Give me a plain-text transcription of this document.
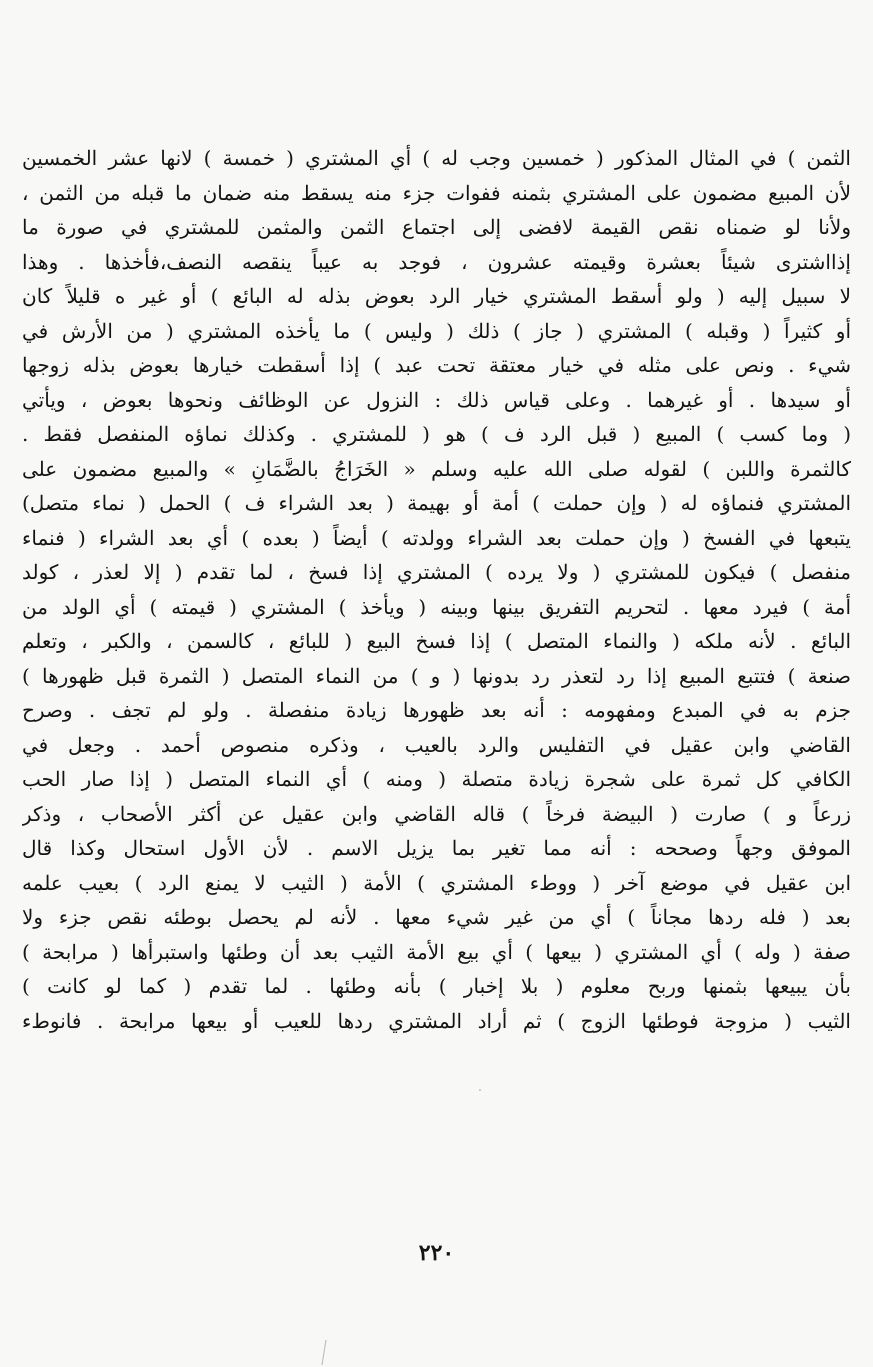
الثمن ) في المثال المذكور ( خمسين وجب له ) أي المشتري ( خمسة ) لانها عشر الخمسين
لأن المبيع مضمون على المشتري بثمنه ففوات جزء منه يسقط منه ضمان ما قبله من الثمن ،
ولأنا لو ضمناه نقص القيمة لافضى إلى اجتماع الثمن والمثمن للمشتري في صورة ما
إذااشترى شيئاً بعشرة وقيمته عشرون ، فوجد به عيباً ينقصه النصف،فأخذها . وهذا
لا سبيل إليه ( ولو أسقط المشتري خيار الرد بعوض بذله له البائع ) أو غير ه قليلاً كان
أو كثيراً ( وقبله ) المشتري ( جاز ) ذلك ( وليس ) ما يأخذه المشتري ( من الأرش في
شيء . ونص على مثله في خيار معتقة تحت عبد ) إذا أسقطت خيارها بعوض بذله زوجها
أو سيدها . أو غيرهما . وعلى قياس ذلك : النزول عن الوظائف ونحوها بعوض ، ويأتي
( وما كسب ) المبيع ( قبل الرد ف ) هو ( للمشتري . وكذلك نماؤه المنفصل فقط .
كالثمرة واللبن ) لقوله صلى الله عليه وسلم « الخَرَاجُ بالضَّمَانِ » والمبيع مضمون على
المشتري فنماؤه له ( وإن حملت ) أمة أو بهيمة ( بعد الشراء ف ) الحمل ( نماء متصل)
يتبعها في الفسخ ( وإن حملت بعد الشراء وولدته ) أيضاً ( بعده ) أي بعد الشراء ( فنماء
منفصل ) فيكون للمشتري ( ولا يرده ) المشتري إذا فسخ ، لما تقدم ( إلا لعذر ، كولد
أمة ) فيرد معها . لتحريم التفريق بينها وبينه ( ويأخذ ) المشتري ( قيمته ) أي الولد من
البائع . لأنه ملكه ( والنماء المتصل ) إذا فسخ البيع ( للبائع ، كالسمن ، والكبر ، وتعلم
صنعة ) فتتبع المبيع إذا رد لتعذر رد بدونها ( و ) من النماء المتصل ( الثمرة قبل ظهورها )
جزم به في المبدع ومفهومه : أنه بعد ظهورها زيادة منفصلة . ولو لم تجف . وصرح
القاضي وابن عقيل في التفليس والرد بالعيب ، وذكره منصوص أحمد . وجعل في
الكافي كل ثمرة على شجرة زيادة متصلة ( ومنه ) أي النماء المتصل ( إذا صار الحب
زرعاً و ) صارت ( البيضة فرخاً ) قاله القاضي وابن عقيل عن أكثر الأصحاب ، وذكر
الموفق وجهاً وصححه : أنه مما تغير بما يزيل الاسم . لأن الأول استحال وكذا قال
ابن عقيل في موضع آخر ( ووطء المشتري ) الأمة ( الثيب لا يمنع الرد ) بعيب علمه
بعد ( فله ردها مجاناً ) أي من غير شيء معها . لأنه لم يحصل بوطئه نقص جزء ولا
صفة ( وله ) أي المشتري ( بيعها ) أي بيع الأمة الثيب بعد أن وطئها واستبرأها ( مرابحة )
بأن يبيعها بثمنها وربح معلوم ( بلا إخبار ) بأنه وطئها . لما تقدم ( كما لو كانت )
الثيب ( مزوجة فوطئها الزوج ) ثم أراد المشتري ردها للعيب أو بيعها مرابحة . فانوطء
٢٢٠
